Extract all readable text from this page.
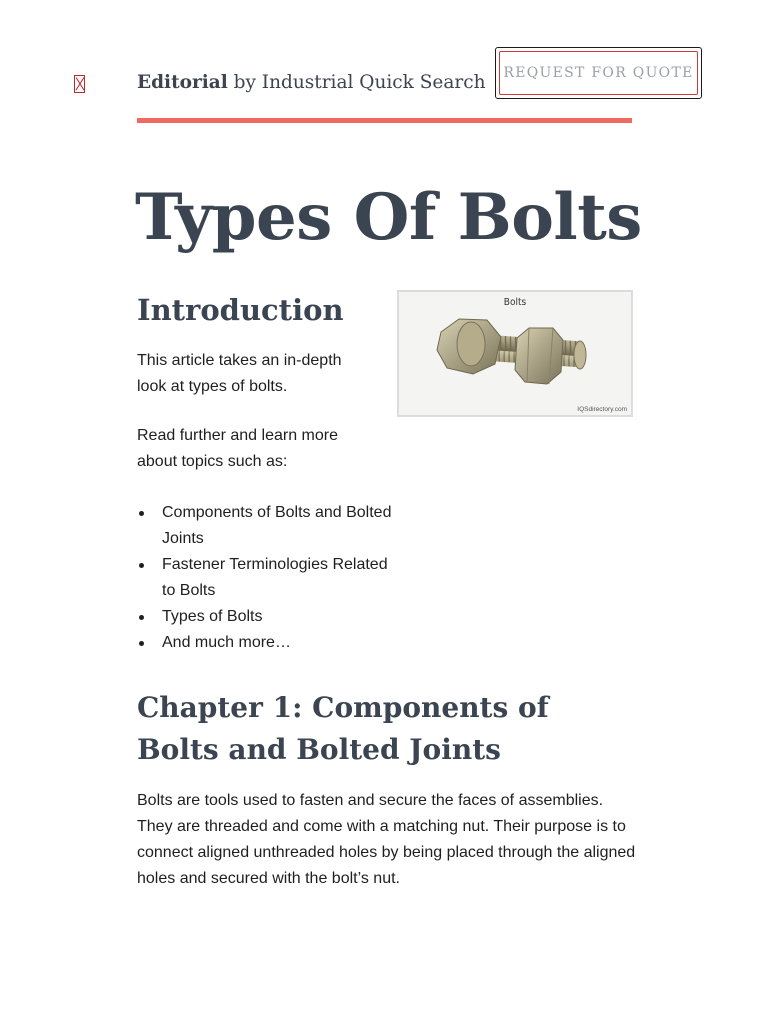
Editorial by Industrial Quick Search	REQUEST FOR QUOTE
Types Of Bolts
Introduction

This article takes an in-depth look at types of bolts.

Read further and learn more about topics such as:

Components of Bolts and Bolted Joints
Fastener Terminologies Related to Bolts
Types of Bolts
And much more…
Bolts
IQSdirectory.com
Chapter 1: Components of Bolts and Bolted Joints

Bolts are tools used to fasten and secure the faces of assemblies. They are threaded and come with a matching nut. Their purpose is to connect aligned unthreaded holes by being placed through the aligned holes and secured with the bolt’s nut.
